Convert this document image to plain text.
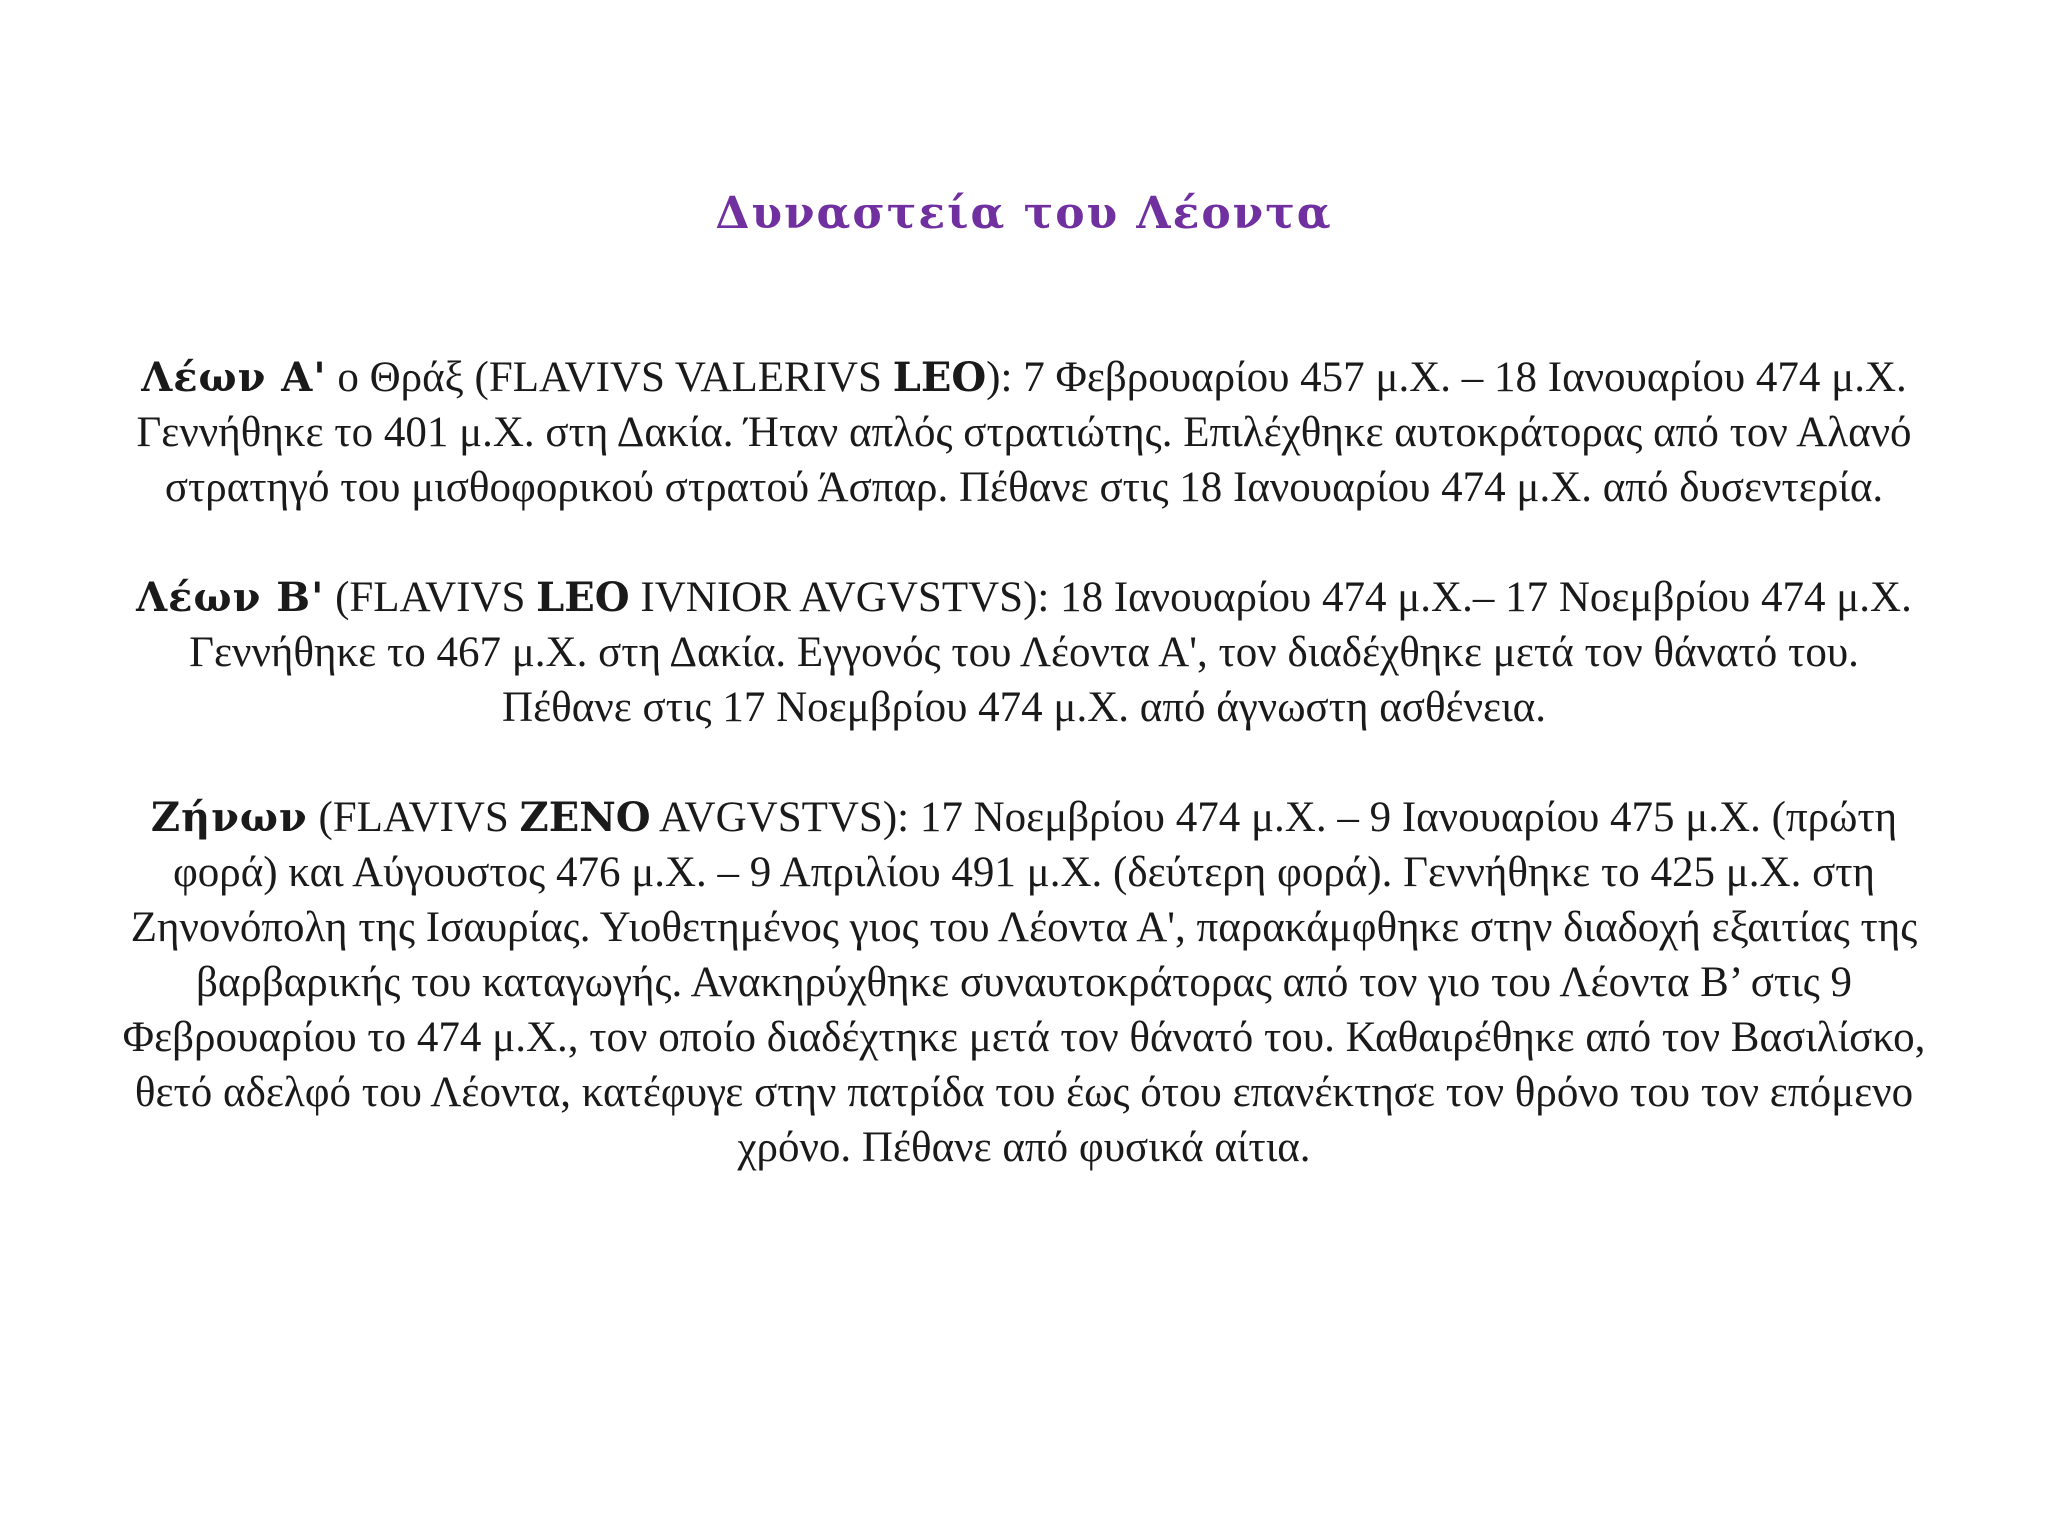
Δυναστεία του Λέοντα

Λέων Α' ο Θράξ (FLAVIVS VALERIVS LEO): 7 Φεβρουαρίου 457 μ.Χ. – 18 Ιανουαρίου 474 μ.Χ. Γεννήθηκε το 401 μ.Χ. στη Δακία. Ήταν απλός στρατιώτης. Επιλέχθηκε αυτοκράτορας από τον Αλανό στρατηγό του μισθοφορικού στρατού Άσπαρ. Πέθανε στις 18 Ιανουαρίου 474 μ.Χ. από δυσεντερία.

Λέων Β' (FLAVIVS LEO IVNIOR AVGVSTVS): 18 Ιανουαρίου 474 μ.Χ.– 17 Νοεμβρίου 474 μ.Χ. Γεννήθηκε το 467 μ.Χ. στη Δακία. Εγγονός του Λέοντα Α', τον διαδέχθηκε μετά τον θάνατό του. Πέθανε στις 17 Νοεμβρίου 474 μ.Χ. από άγνωστη ασθένεια.

Ζήνων (FLAVIVS ZENO AVGVSTVS): 17 Νοεμβρίου 474 μ.Χ. – 9 Ιανουαρίου 475 μ.Χ. (πρώτη φορά) και Αύγουστος 476 μ.Χ. – 9 Απριλίου 491 μ.Χ. (δεύτερη φορά). Γεννήθηκε το 425 μ.Χ. στη Ζηνονόπολη της Ισαυρίας. Υιοθετημένος γιος του Λέοντα Α', παρακάμφθηκε στην διαδοχή εξαιτίας της βαρβαρικής του καταγωγής. Ανακηρύχθηκε συναυτοκράτορας από τον γιο του Λέοντα Β’ στις 9 Φεβρουαρίου το 474 μ.Χ., τον οποίο διαδέχτηκε μετά τον θάνατό του. Καθαιρέθηκε από τον Βασιλίσκο, θετό αδελφό του Λέοντα, κατέφυγε στην πατρίδα του έως ότου επανέκτησε τον θρόνο του τον επόμενο χρόνο. Πέθανε από φυσικά αίτια.
